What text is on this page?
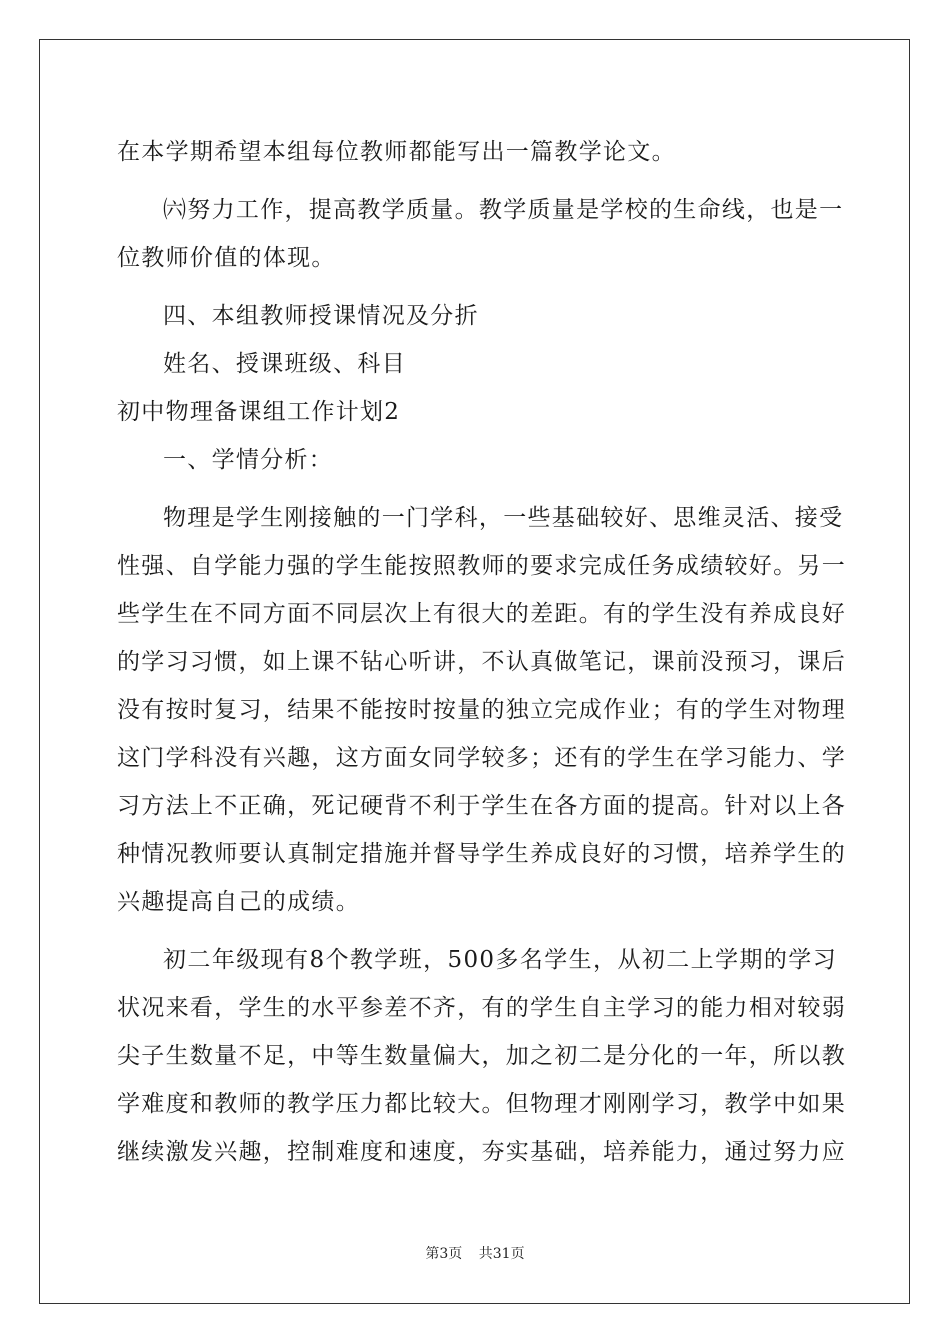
在本学期希望本组每位教师都能写出一篇教学论文。
㈥努力工作，提高教学质量。教学质量是学校的生命线，也是一
位教师价值的体现。
四、本组教师授课情况及分折
姓名、授课班级、科目
初中物理备课组工作计划2
一、学情分析：
物理是学生刚接触的一门学科，一些基础较好、思维灵活、接受
性强、自学能力强的学生能按照教师的要求完成任务成绩较好。另一
些学生在不同方面不同层次上有很大的差距。有的学生没有养成良好
的学习习惯，如上课不钻心听讲，不认真做笔记，课前没预习，课后
没有按时复习，结果不能按时按量的独立完成作业；有的学生对物理
这门学科没有兴趣，这方面女同学较多；还有的学生在学习能力、学
习方法上不正确，死记硬背不利于学生在各方面的提高。针对以上各
种情况教师要认真制定措施并督导学生养成良好的习惯，培养学生的
兴趣提高自己的成绩。
初二年级现有8个教学班，500多名学生，从初二上学期的学习
状况来看，学生的水平参差不齐，有的学生自主学习的能力相对较弱
尖子生数量不足，中等生数量偏大，加之初二是分化的一年，所以教
学难度和教师的教学压力都比较大。但物理才刚刚学习，教学中如果
继续激发兴趣，控制难度和速度，夯实基础，培养能力，通过努力应
第3页 共31页
